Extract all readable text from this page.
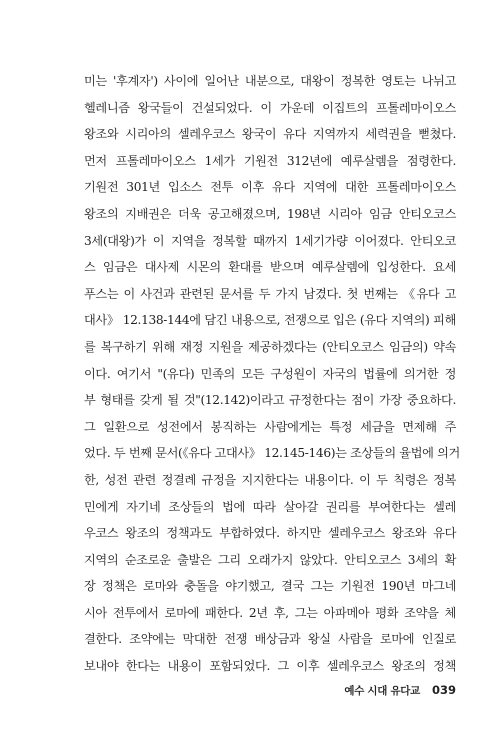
미는 '후계자') 사이에 일어난 내분으로, 대왕이 정복한 영토는 나뉘고
헬레니즘 왕국들이 건설되었다. 이 가운데 이집트의 프톨레마이오스
왕조와 시리아의 셀레우코스 왕국이 유다 지역까지 세력권을 뻗쳤다.
먼저 프톨레마이오스 1세가 기원전 312년에 예루살렘을 점령한다.
기원전 301년 입소스 전투 이후 유다 지역에 대한 프톨레마이오스
왕조의 지배권은 더욱 공고해졌으며, 198년 시리아 임금 안티오코스
3세(대왕)가 이 지역을 정복할 때까지 1세기가량 이어졌다. 안티오코
스 임금은 대사제 시몬의 환대를 받으며 예루살렘에 입성한다. 요세
푸스는 이 사건과 관련된 문서를 두 가지 남겼다. 첫 번째는 《유다 고
대사》 12.138-144에 담긴 내용으로, 전쟁으로 입은 (유다 지역의) 피해
를 복구하기 위해 재정 지원을 제공하겠다는 (안티오코스 임금의) 약속
이다. 여기서 "(유다) 민족의 모든 구성원이 자국의 법률에 의거한 정
부 형태를 갖게 될 것"(12.142)이라고 규정한다는 점이 가장 중요하다.
그 일환으로 성전에서 봉직하는 사람에게는 특정 세금을 면제해 주
었다. 두 번째 문서(《유다 고대사》 12.145-146)는 조상들의 율법에 의거
한, 성전 관련 정결례 규정을 지지한다는 내용이다. 이 두 칙령은 정복
민에게 자기네 조상들의 법에 따라 살아갈 권리를 부여한다는 셀레
우코스 왕조의 정책과도 부합하였다. 하지만 셀레우코스 왕조와 유다
지역의 순조로운 출발은 그리 오래가지 않았다. 안티오코스 3세의 확
장 정책은 로마와 충돌을 야기했고, 결국 그는 기원전 190년 마그네
시아 전투에서 로마에 패한다. 2년 후, 그는 아파메아 평화 조약을 체
결한다. 조약에는 막대한 전쟁 배상금과 왕실 사람을 로마에 인질로
보내야 한다는 내용이 포함되었다. 그 이후 셀레우코스 왕조의 정책
예수 시대 유다교 039
